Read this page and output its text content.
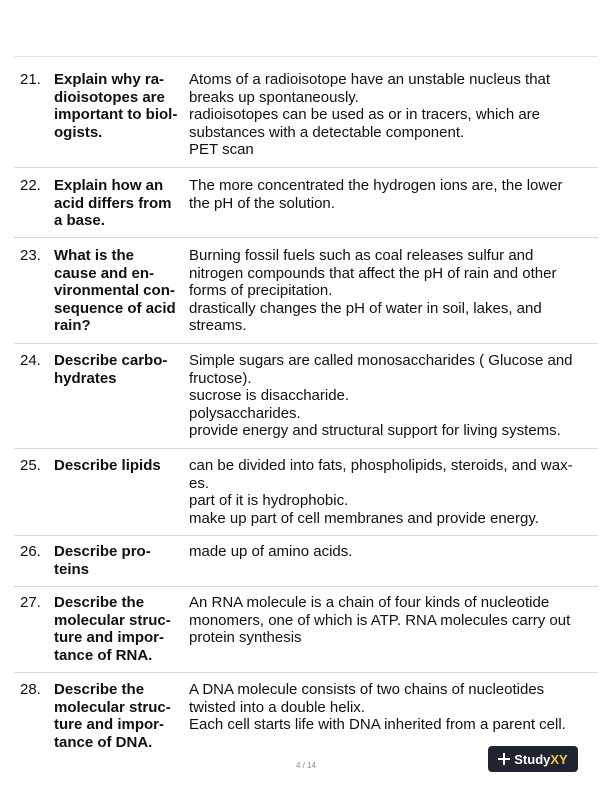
21. Explain why ra-
dioisotopes are
important to biol-
ogists.
Atoms of a radioisotope have an unstable nucleus that
breaks up spontaneously.
radioisotopes can be used as or in tracers, which are
substances with a detectable component.
PET scan
22. Explain how an
acid differs from
a base.
The more concentrated the hydrogen ions are, the lower
the pH of the solution.
23. What is the
cause and en-
vironmental con-
sequence of acid
rain?
Burning fossil fuels such as coal releases sulfur and
nitrogen compounds that affect the pH of rain and other
forms of precipitation.
drastically changes the pH of water in soil, lakes, and
streams.
24. Describe carbo-
hydrates
Simple sugars are called monosaccharides ( Glucose and
fructose).
sucrose is disaccharide.
polysaccharides.
provide energy and structural support for living systems.
25. Describe lipids	can be divided into fats, phospholipids, steroids, and wax-
es.
part of it is hydrophobic.
make up part of cell membranes and provide energy.
26. Describe pro-
teins
made up of amino acids.
27. Describe the
molecular struc-
ture and impor-
tance of RNA.
An RNA molecule is a chain of four kinds of nucleotide
monomers, one of which is ATP. RNA molecules carry out
protein synthesis
28. Describe the
molecular struc-
ture and impor-
tance of DNA.
A DNA molecule consists of two chains of nucleotides
twisted into a double helix.
Each cell starts life with DNA inherited from a parent cell.
4 / 14	StudyXY
